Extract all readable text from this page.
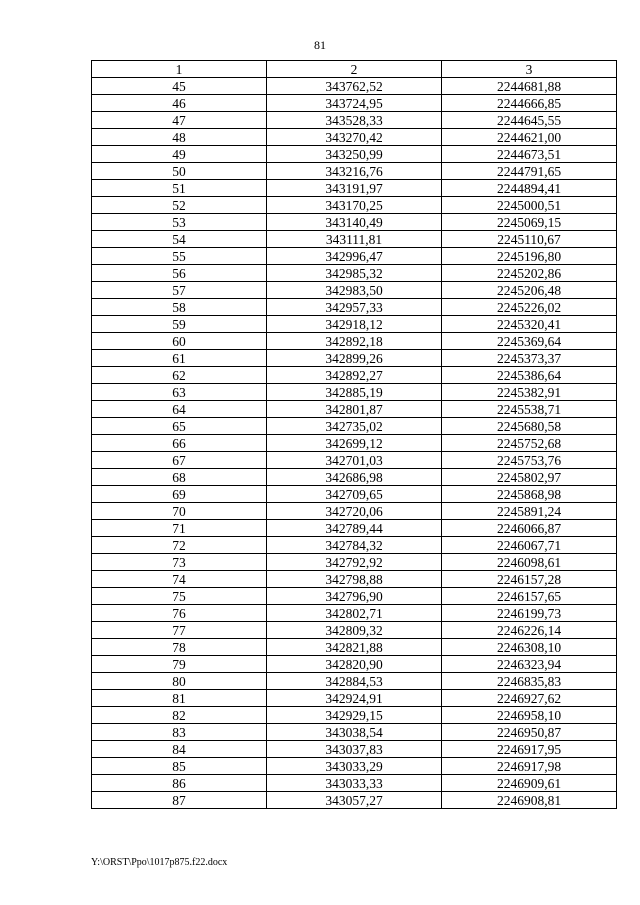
81
1	2	3
45	343762,52	2244681,88
46	343724,95	2244666,85
47	343528,33	2244645,55
48	343270,42	2244621,00
49	343250,99	2244673,51
50	343216,76	2244791,65
51	343191,97	2244894,41
52	343170,25	2245000,51
53	343140,49	2245069,15
54	343111,81	2245110,67
55	342996,47	2245196,80
56	342985,32	2245202,86
57	342983,50	2245206,48
58	342957,33	2245226,02
59	342918,12	2245320,41
60	342892,18	2245369,64
61	342899,26	2245373,37
62	342892,27	2245386,64
63	342885,19	2245382,91
64	342801,87	2245538,71
65	342735,02	2245680,58
66	342699,12	2245752,68
67	342701,03	2245753,76
68	342686,98	2245802,97
69	342709,65	2245868,98
70	342720,06	2245891,24
71	342789,44	2246066,87
72	342784,32	2246067,71
73	342792,92	2246098,61
74	342798,88	2246157,28
75	342796,90	2246157,65
76	342802,71	2246199,73
77	342809,32	2246226,14
78	342821,88	2246308,10
79	342820,90	2246323,94
80	342884,53	2246835,83
81	342924,91	2246927,62
82	342929,15	2246958,10
83	343038,54	2246950,87
84	343037,83	2246917,95
85	343033,29	2246917,98
86	343033,33	2246909,61
87	343057,27	2246908,81
Y:\ORST\Ppo\1017p875.f22.docx
